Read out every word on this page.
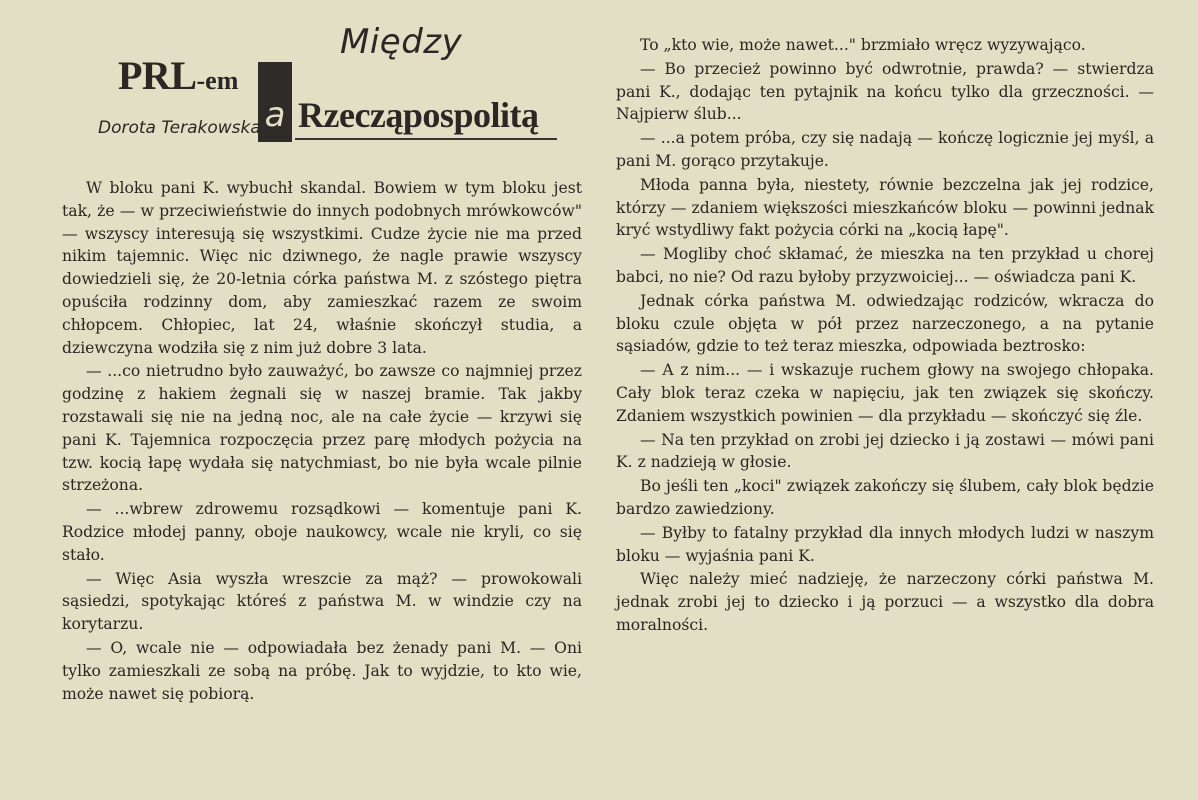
Między
PRL-em
a Rzecząpospolitą
Dorota Terakowska

W bloku pani K. wybuchł skandal. Bowiem w tym bloku jest tak, że — w przeciwieństwie do innych podobnych mrówkowców" — wszyscy interesują się wszystkimi. Cudze życie nie ma przed nikim tajemnic. Więc nic dziwnego, że nagle prawie wszyscy dowiedzieli się, że 20-letnia córka państwa M. z szóstego piętra opuściła rodzinny dom, aby zamieszkać razem ze swoim chłopcem. Chłopiec, lat 24, właśnie skończył studia, a dziewczyna wodziła się z nim już dobre 3 lata.

— ...co nietrudno było zauważyć, bo zawsze co najmniej przez godzinę z hakiem żegnali się w naszej bramie. Tak jakby rozstawali się nie na jedną noc, ale na całe życie — krzywi się pani K. Tajemnica rozpoczęcia przez parę młodych pożycia na tzw. kocią łapę wydała się natychmiast, bo nie była wcale pilnie strzeżona.

— ...wbrew zdrowemu rozsądkowi — komentuje pani K. Rodzice młodej panny, oboje naukowcy, wcale nie kryli, co się stało.

— Więc Asia wyszła wreszcie za mąż? — prowokowali sąsiedzi, spotykając któreś z państwa M. w windzie czy na korytarzu.

— O, wcale nie — odpowiadała bez żenady pani M. — Oni tylko zamieszkali ze sobą na próbę. Jak to wyjdzie, to kto wie, może nawet się pobiorą.

To „kto wie, może nawet..." brzmiało wręcz wyzywająco.

— Bo przecież powinno być odwrotnie, prawda? — stwierdza pani K., dodając ten pytajnik na końcu tylko dla grzeczności. — Najpierw ślub...

— ...a potem próba, czy się nadają — kończę logicznie jej myśl, a pani M. gorąco przytakuje.

Młoda panna była, niestety, równie bezczelna jak jej rodzice, którzy — zdaniem większości mieszkańców bloku — powinni jednak kryć wstydliwy fakt pożycia córki na „kocią łapę".

— Mogliby choć skłamać, że mieszka na ten przykład u chorej babci, no nie? Od razu byłoby przyzwoiciej... — oświadcza pani K.

Jednak córka państwa M. odwiedzając rodziców, wkracza do bloku czule objęta w pół przez narzeczonego, a na pytanie sąsiadów, gdzie to też teraz mieszka, odpowiada beztrosko:

— A z nim... — i wskazuje ruchem głowy na swojego chłopaka. Cały blok teraz czeka w napięciu, jak ten związek się skończy. Zdaniem wszystkich powinien — dla przykładu — skończyć się źle.

— Na ten przykład on zrobi jej dziecko i ją zostawi — mówi pani K. z nadzieją w głosie.

Bo jeśli ten „koci" związek zakończy się ślubem, cały blok będzie bardzo zawiedziony.

— Byłby to fatalny przykład dla innych młodych ludzi w naszym bloku — wyjaśnia pani K.

Więc należy mieć nadzieję, że narzeczony córki państwa M. jednak zrobi jej to dziecko i ją porzuci — a wszystko dla dobra moralności.
